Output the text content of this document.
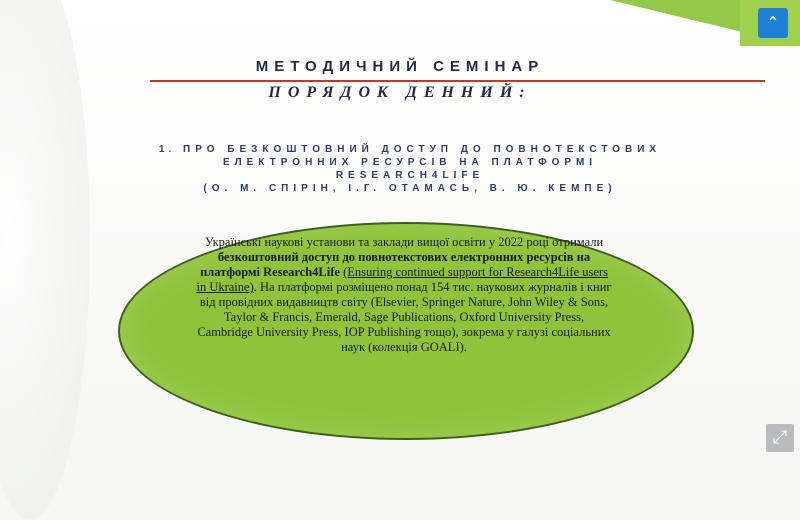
МЕТОДИЧНИЙ СЕМІНАР
ПОРЯДОК ДЕННИЙ:
1. ПРО БЕЗКОШТОВНИЙ ДОСТУП ДО ПОВНОТЕКСТОВИХ
ЕЛЕКТРОННИХ РЕСУРСІВ НА ПЛАТФОРМІ
RESEARCH4LIFE
(О. М. СПІРІН, І.Г. ОТАМАСЬ, В. Ю. КЕМПЕ)
Українські наукові установи та заклади вищої освіти у 2022 році отримали безкоштовний доступ до повнотекстових електронних ресурсів на платформі Research4Life (Ensuring continued support for Research4Life users in Ukraine). На платформі розміщено понад 154 тис. наукових журналів і книг від провідних видавництв світу (Elsevier, Springer Nature, John Wiley & Sons, Taylor & Francis, Emerald, Sage Publications, Oxford University Press, Cambridge University Press, IOP Publishing тощо), зокрема у галузі соціальних наук (колекція GOALI).
⌃
⤢
